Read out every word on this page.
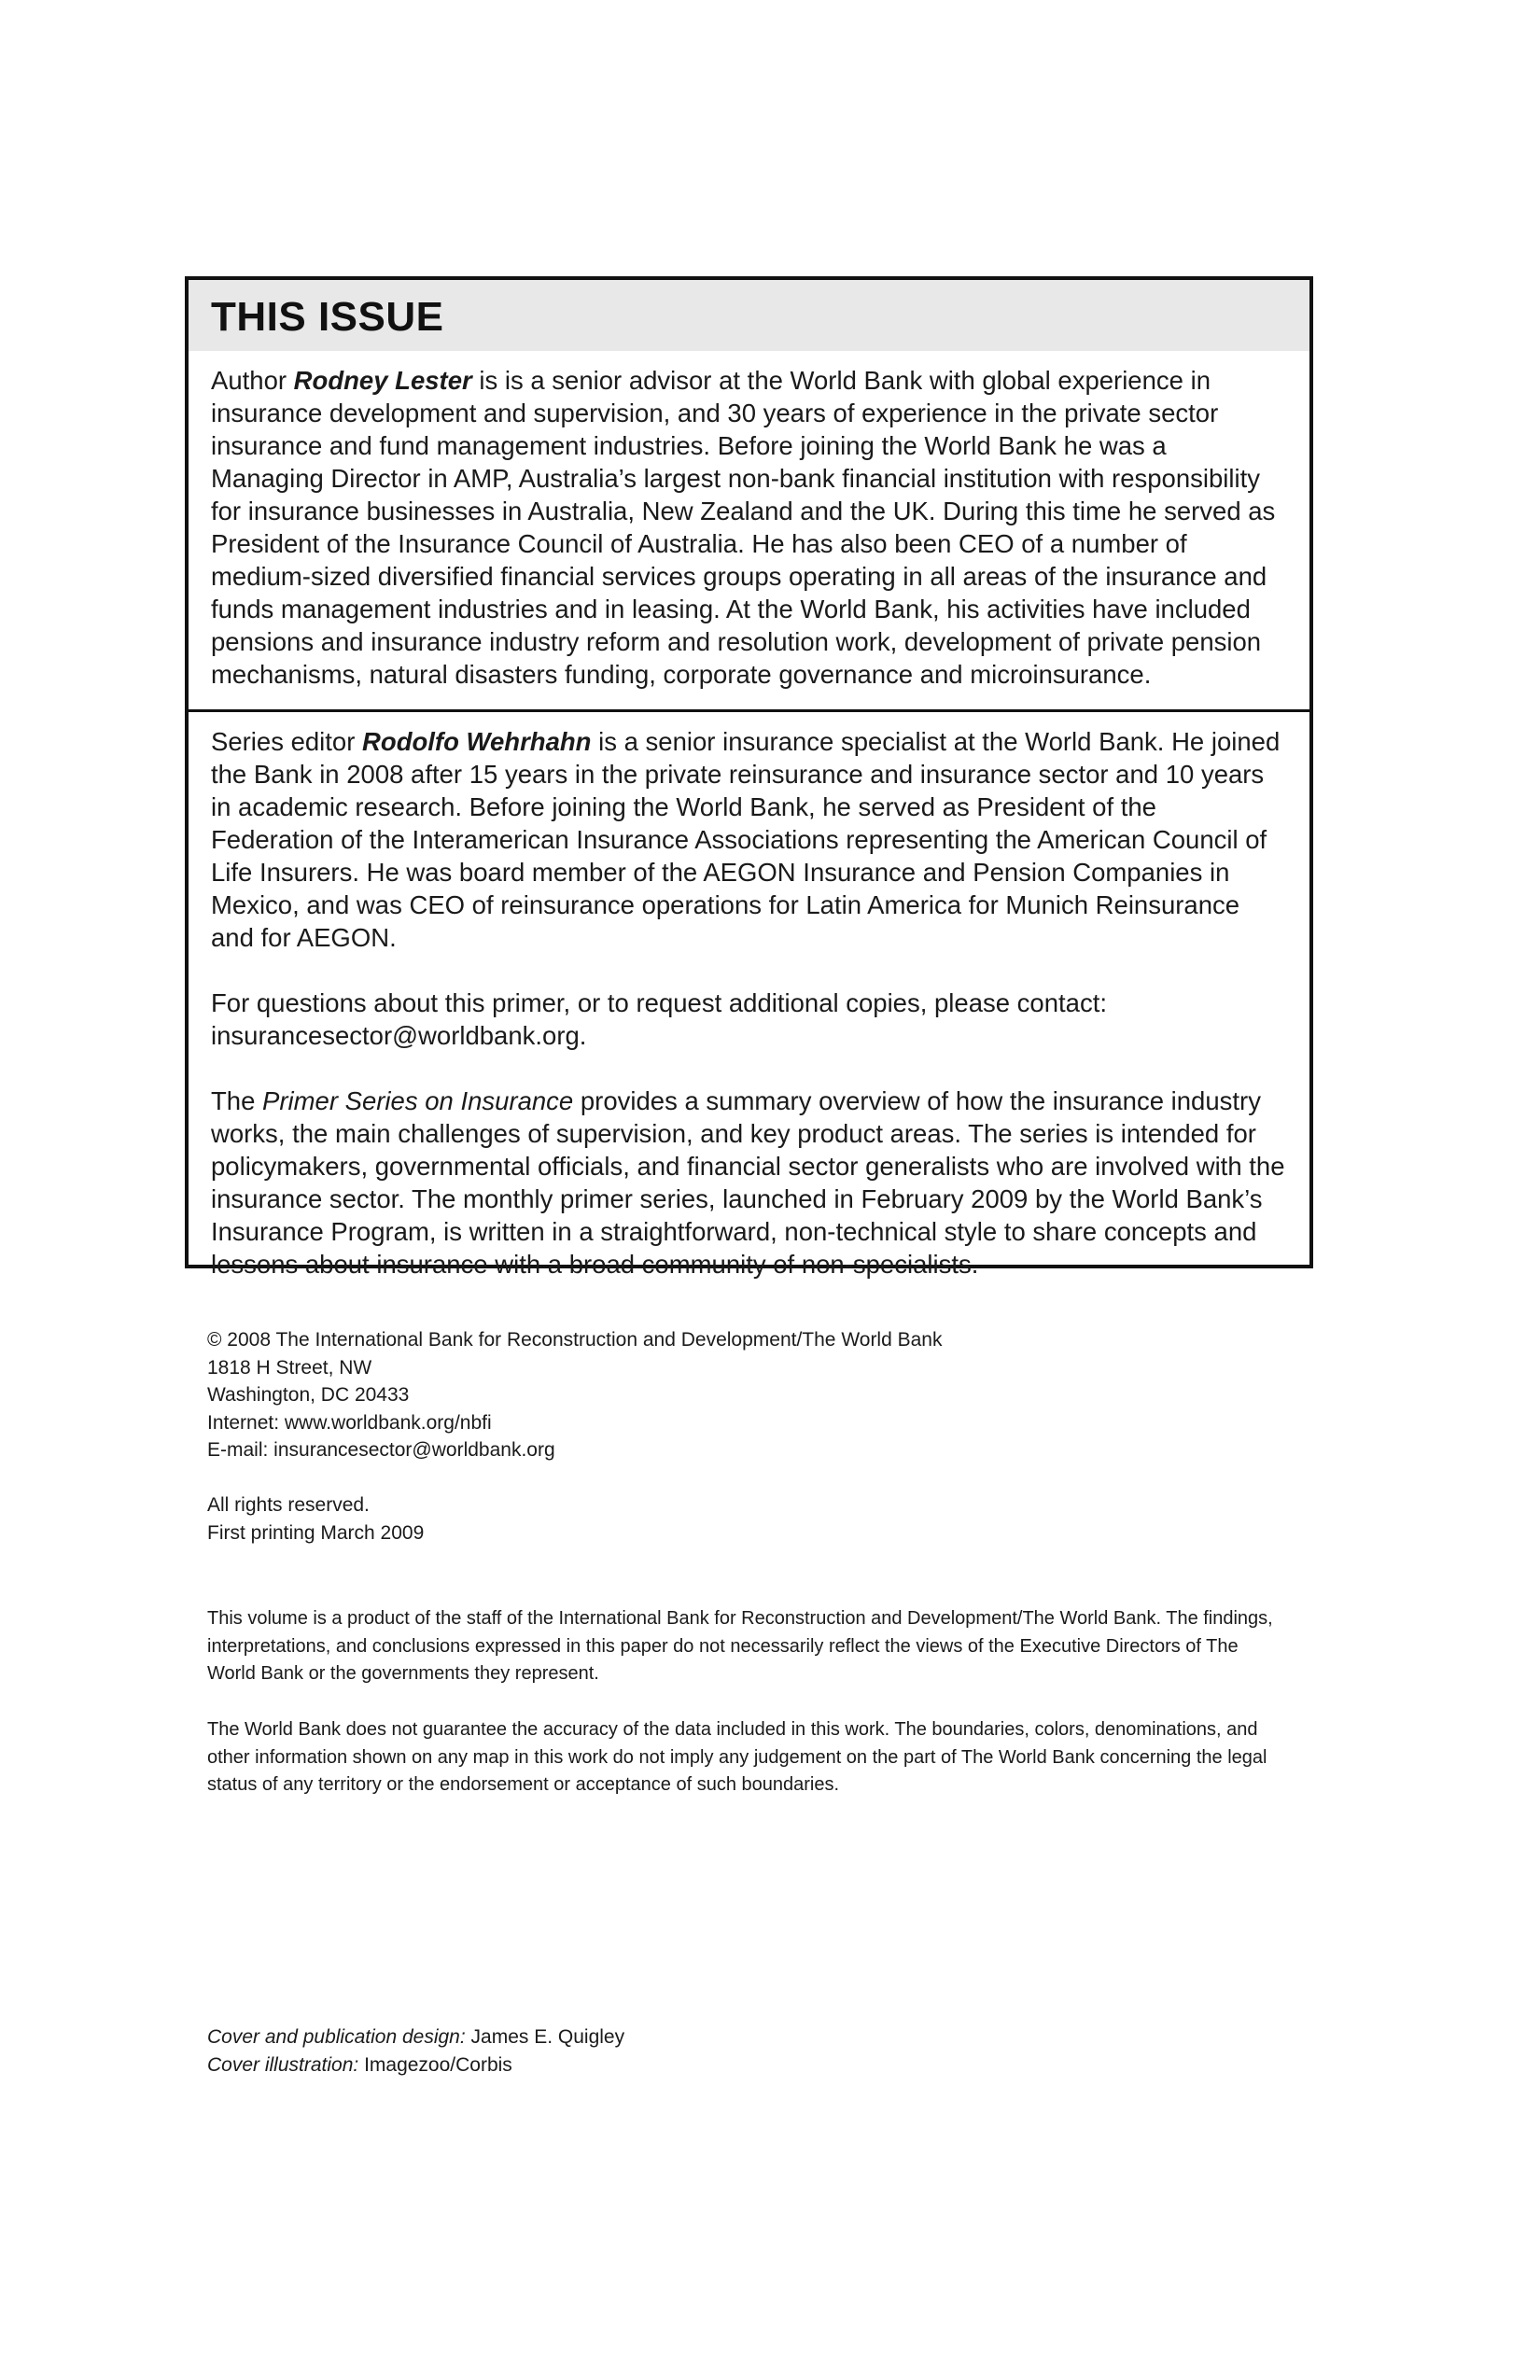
THIS ISSUE

Author Rodney Lester is is a senior advisor at the World Bank with global experience in insurance development and supervision, and 30 years of experience in the private sector insurance and fund management industries. Before joining the World Bank he was a Managing Director in AMP, Australia’s largest non-bank financial institution with responsibility for insurance businesses in Australia, New Zealand and the UK. During this time he served as President of the Insurance Council of Australia. He has also been CEO of a number of medium-sized diversified financial services groups operating in all areas of the insurance and funds management industries and in leasing. At the World Bank, his activities have included pensions and insurance industry reform and resolution work, development of private pension mechanisms, natural disasters funding, corporate governance and microinsurance.

Series editor Rodolfo Wehrhahn is a senior insurance specialist at the World Bank. He joined the Bank in 2008 after 15 years in the private reinsurance and insurance sector and 10 years in academic research. Before joining the World Bank, he served as President of the Federation of the Interamerican Insurance Associations representing the American Council of Life Insurers. He was board member of the AEGON Insurance and Pension Companies in Mexico, and was CEO of reinsurance operations for Latin America for Munich Reinsurance and for AEGON.

For questions about this primer, or to request additional copies, please contact:
insurancesector@worldbank.org.

The Primer Series on Insurance provides a summary overview of how the insurance industry works, the main challenges of supervision, and key product areas. The series is intended for policymakers, governmental officials, and financial sector generalists who are involved with the insurance sector. The monthly primer series, launched in February 2009 by the World Bank’s Insurance Program, is written in a straightforward, non-technical style to share concepts and lessons about insurance with a broad community of non-specialists.

© 2008 The International Bank for Reconstruction and Development/The World Bank

1818 H Street, NW

Washington, DC 20433

Internet: www.worldbank.org/nbfi

E-mail: insurancesector@worldbank.org

All rights reserved.

First printing March 2009

This volume is a product of the staff of the International Bank for Reconstruction and Development/The World Bank. The findings, interpretations, and conclusions expressed in this paper do not necessarily reflect the views of the Executive Directors of The World Bank or the governments they represent.

The World Bank does not guarantee the accuracy of the data included in this work. The boundaries, colors, denominations, and other information shown on any map in this work do not imply any judgement on the part of The World Bank concerning the legal status of any territory or the endorsement or acceptance of such boundaries.

Cover and publication design: James E. Quigley

Cover illustration: Imagezoo/Corbis
